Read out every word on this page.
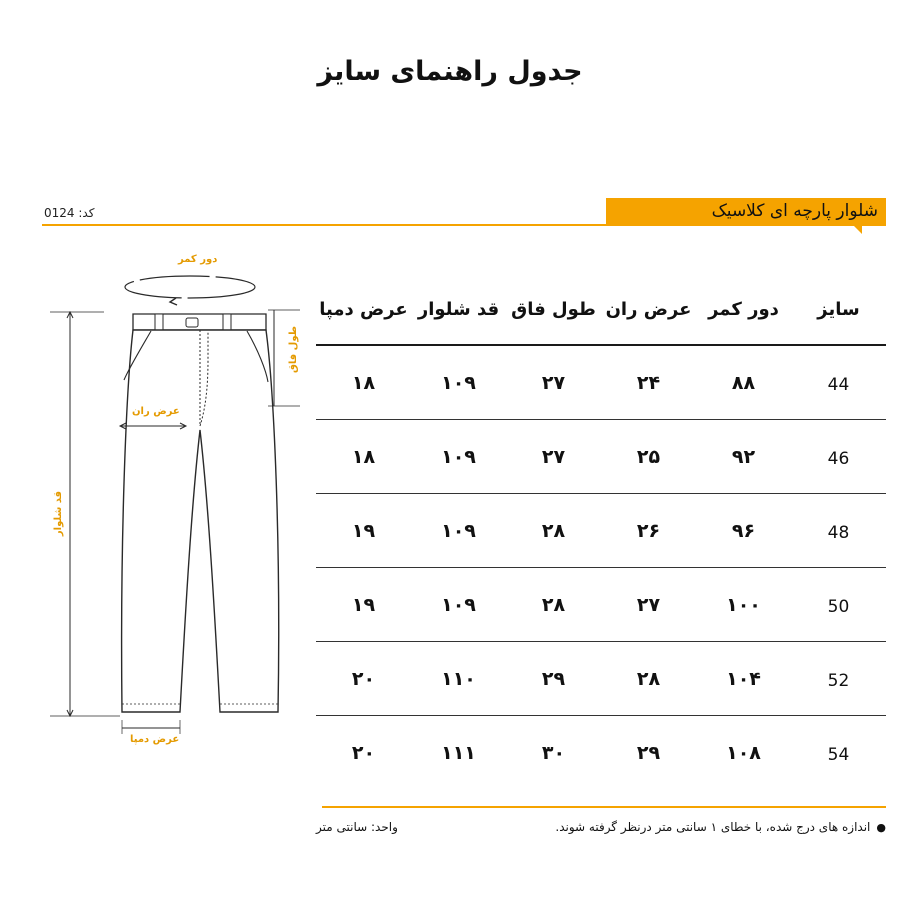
جدول راهنمای سایز
کد: 0124	شلوار پارچه ای کلاسیک
دور کمر
طول فاق
عرض ران
قد شلوار
عرض دمپا
عرض دمپا	قد شلوار	طول فاق	عرض ران	دور کمر	سایز
۱۸	۱۰۹	۲۷	۲۴	۸۸	44
۱۸	۱۰۹	۲۷	۲۵	۹۲	46
۱۹	۱۰۹	۲۸	۲۶	۹۶	48
۱۹	۱۰۹	۲۸	۲۷	۱۰۰	50
۲۰	۱۱۰	۲۹	۲۸	۱۰۴	52
۲۰	۱۱۱	۳۰	۲۹	۱۰۸	54
●اندازه های درج شده، با خطای ۱ سانتی متر درنظر گرفته شوند.
واحد: سانتی متر
